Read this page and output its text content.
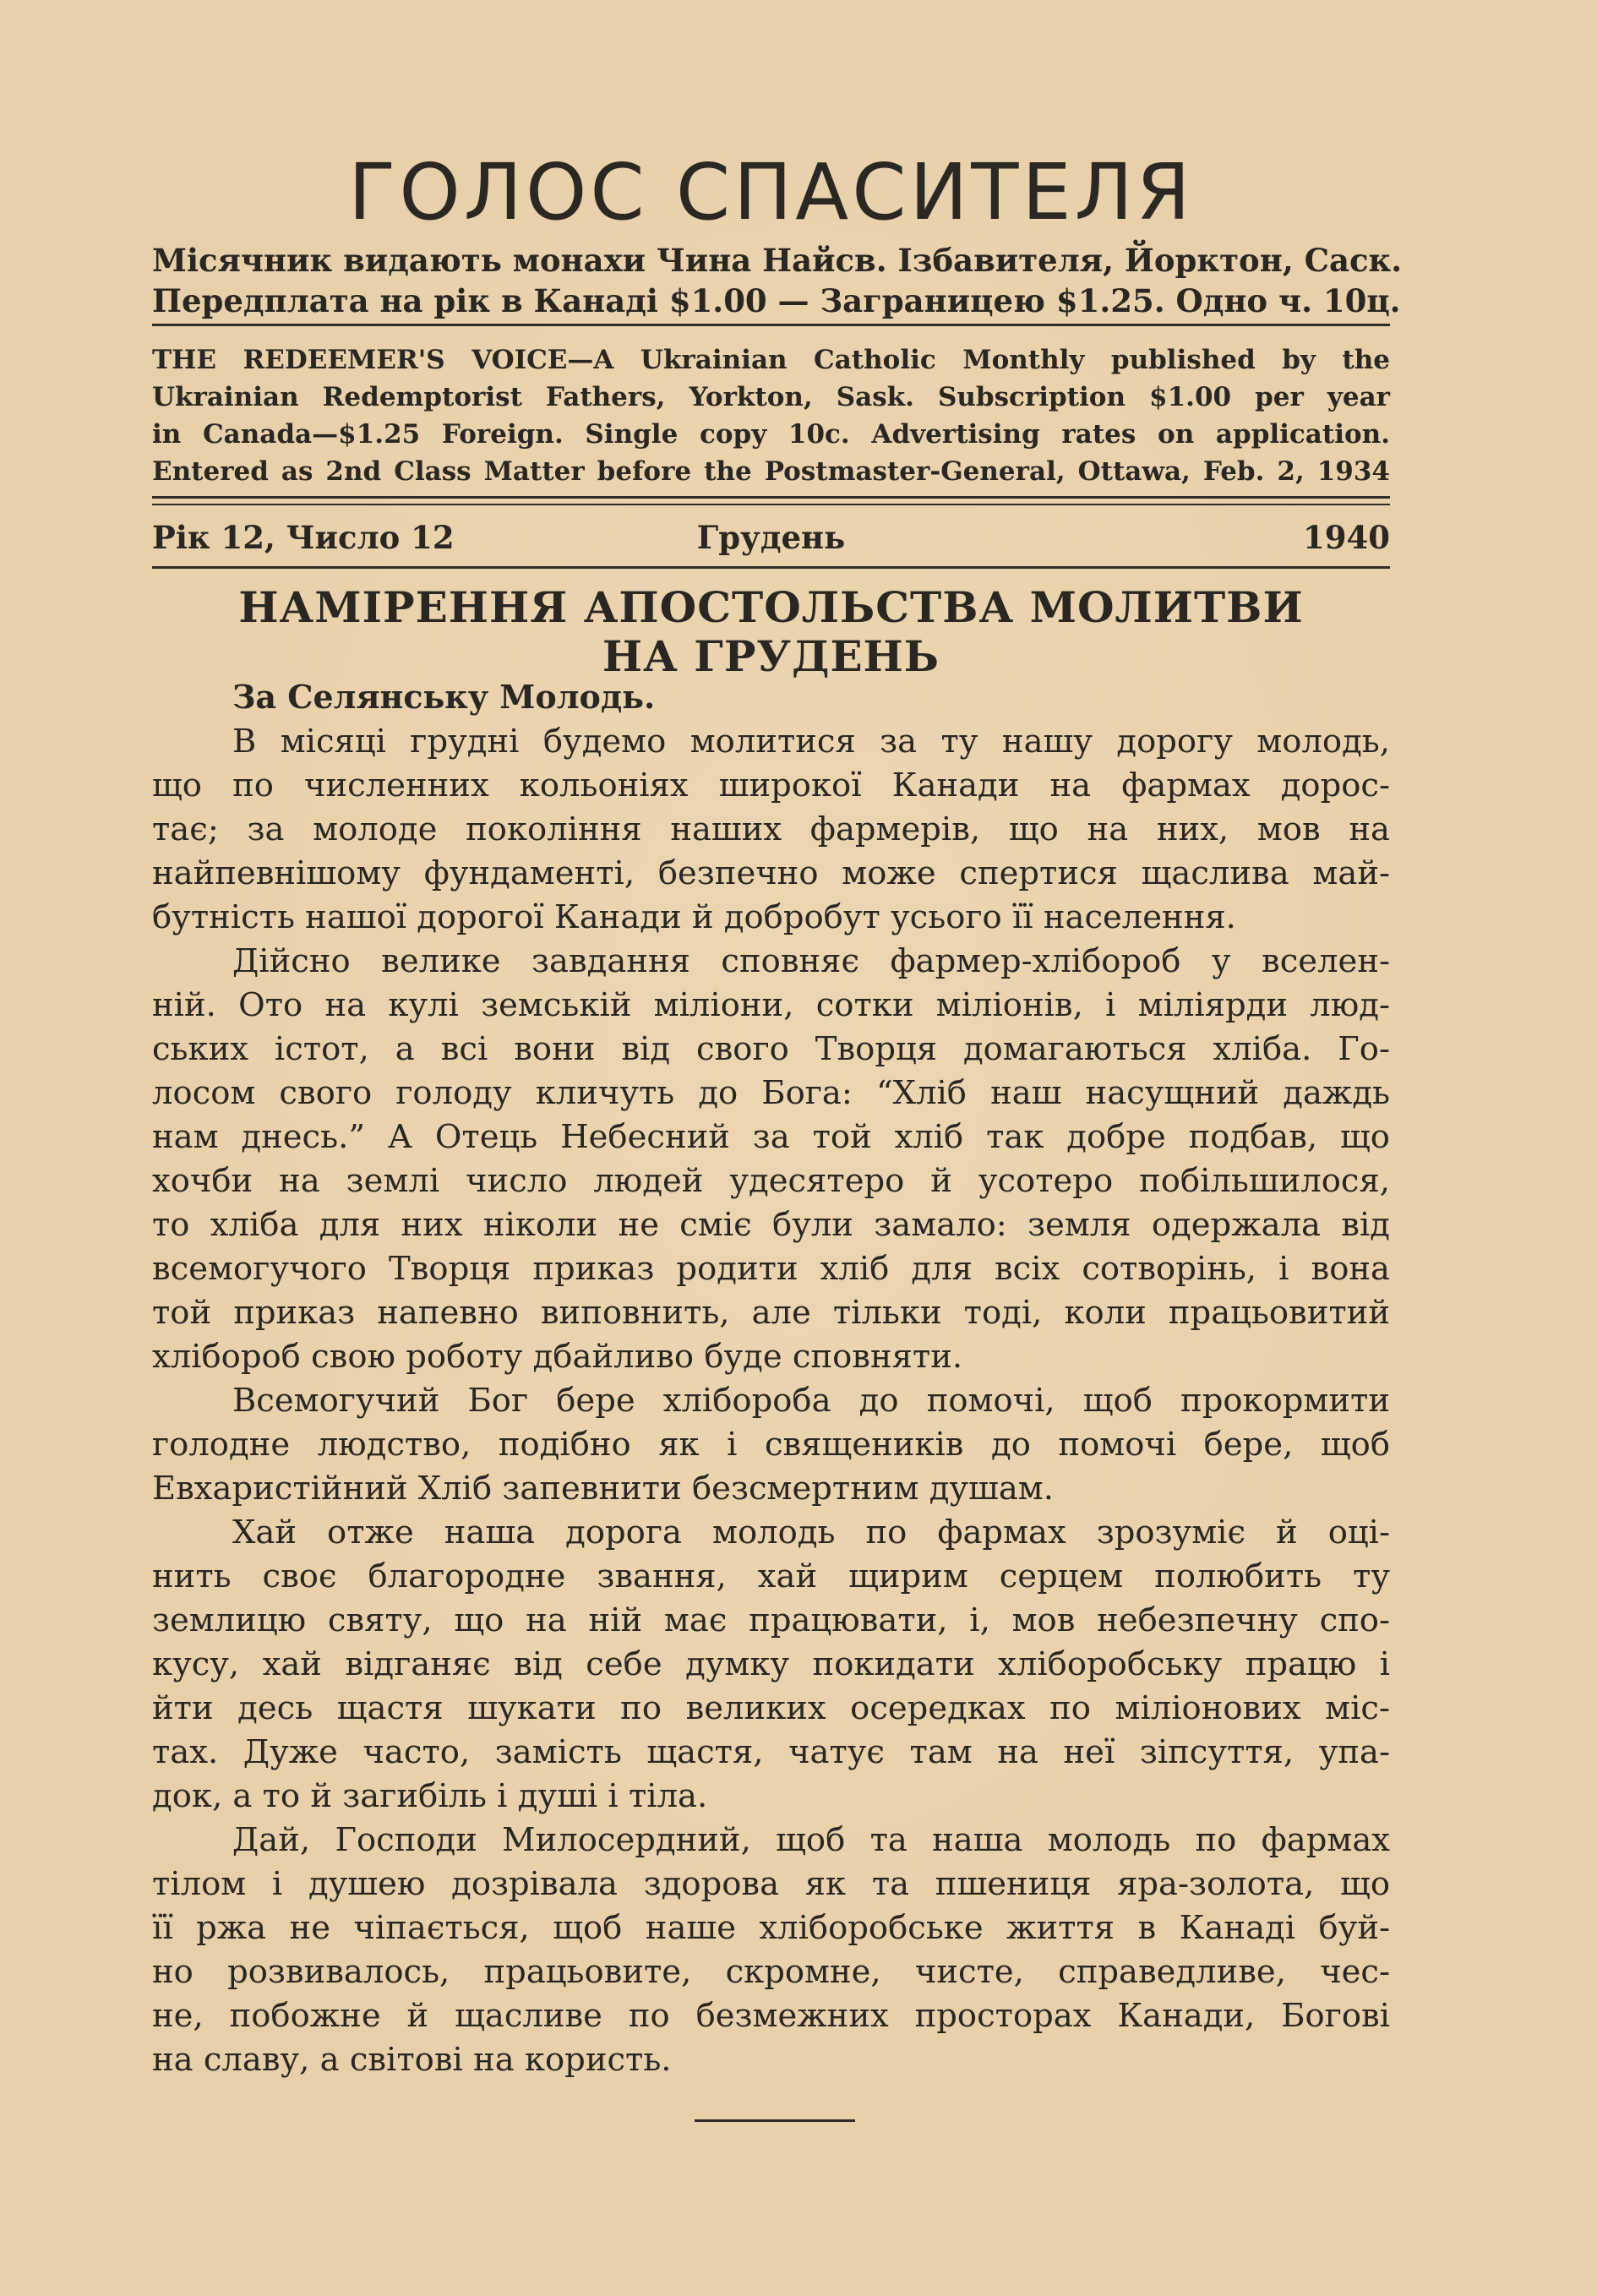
ГОЛОС СПАСИТЕЛЯ
Місячник видають монахи Чина Найсв. Ізбавителя, Йорктон, Саск.
Передплата на рік в Канаді $1.00 — Заграницею $1.25. Одно ч. 10ц.
THE REDEEMER'S VOICE—A Ukrainian Catholic Monthly published by the
Ukrainian Redemptorist Fathers, Yorkton, Sask. Subscription $1.00 per year
in Canada—$1.25 Foreign. Single copy 10c. Advertising rates on application.
Entered as 2nd Class Matter before the Postmaster-General, Ottawa, Feb. 2, 1934
Рік 12, Число 12	Грудень	1940
НАМІРЕННЯ АПОСТОЛЬСТВА МОЛИТВИ
НА ГРУДЕНЬ
За Селянську Молодь.
В місяці грудні будемо молитися за ту нашу дорогу молодь,
що по численних кольоніях широкої Канади на фармах дорос-
тає; за молоде покоління наших фармерів, що на них, мов на
найпевнішому фундаменті, безпечно може спертися щаслива май-
бутність нашої дорогої Канади й добробут усього її населення.
Дійсно велике завдання сповняє фармер-хлібороб у вселен-
ній. Ото на кулі земській міліони, сотки міліонів, і міліярди люд-
ських істот, а всі вони від свого Творця домагаються хліба. Го-
лосом свого голоду кличуть до Бога: “Хліб наш насущний даждь
нам днесь.” А Отець Небесний за той хліб так добре подбав, що
хочби на землі число людей удесятеро й усотеро побільшилося,
то хліба для них ніколи не сміє були замало: земля одержала від
всемогучого Творця приказ родити хліб для всіх сотворінь, і вона
той приказ напевно виповнить, але тільки тоді, коли працьовитий
хлібороб свою роботу дбайливо буде сповняти.
Всемогучий Бог бере хлібороба до помочі, щоб прокормити
голодне людство, подібно як і священиків до помочі бере, щоб
Евхаристійний Хліб запевнити безсмертним душам.
Хай отже наша дорога молодь по фармах зрозуміє й оці-
нить своє благородне звання, хай щирим серцем полюбить ту
землицю святу, що на ній має працювати, і, мов небезпечну спо-
кусу, хай відганяє від себе думку покидати хліборобську працю і
йти десь щастя шукати по великих осередках по міліонових міс-
тах. Дуже часто, замість щастя, чатує там на неї зіпсуття, упа-
док, а то й загибіль і душі і тіла.
Дай, Господи Милосердний, щоб та наша молодь по фармах
тілом і душею дозрівала здорова як та пшениця яра-золота, що
її ржа не чіпається, щоб наше хліборобське життя в Канаді буй-
но розвивалось, працьовите, скромне, чисте, справедливе, чес-
не, побожне й щасливе по безмежних просторах Канади, Богові
на славу, а світові на користь.
